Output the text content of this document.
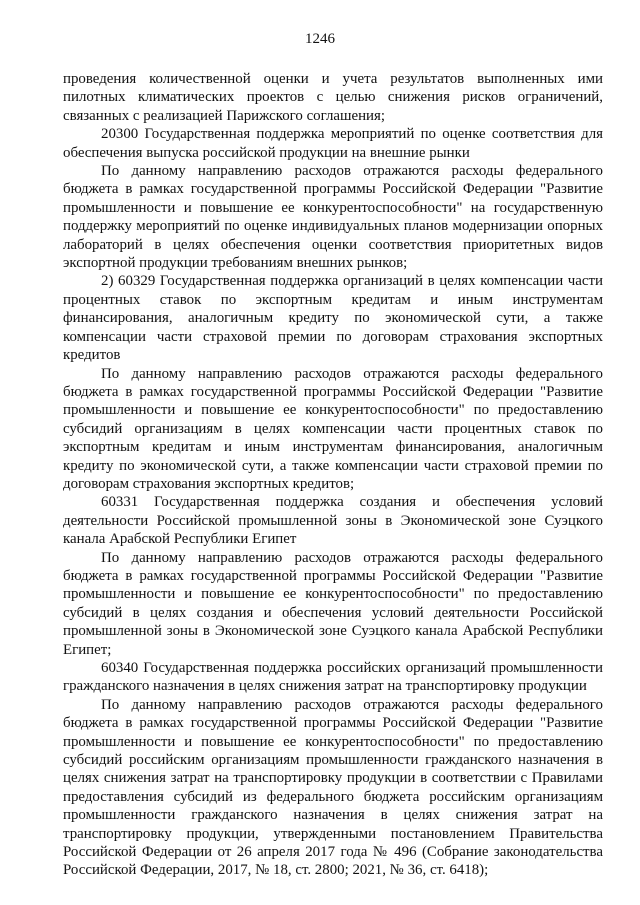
1246

проведения количественной оценки и учета результатов выполненных ими пилотных климатических проектов с целью снижения рисков ограничений, связанных с реализацией Парижского соглашения;

20300 Государственная поддержка мероприятий по оценке соответствия для обеспечения выпуска российской продукции на внешние рынки

По данному направлению расходов отражаются расходы федерального бюджета в рамках государственной программы Российской Федерации "Развитие промышленности и повышение ее конкурентоспособности" на государственную поддержку мероприятий по оценке индивидуальных планов модернизации опорных лабораторий в целях обеспечения оценки соответствия приоритетных видов экспортной продукции требованиям внешних рынков;

2) 60329 Государственная поддержка организаций в целях компенсации части процентных ставок по экспортным кредитам и иным инструментам финансирования, аналогичным кредиту по экономической сути, а также компенсации части страховой премии по договорам страхования экспортных кредитов

По данному направлению расходов отражаются расходы федерального бюджета в рамках государственной программы Российской Федерации "Развитие промышленности и повышение ее конкурентоспособности" по предоставлению субсидий организациям в целях компенсации части процентных ставок по экспортным кредитам и иным инструментам финансирования, аналогичным кредиту по экономической сути, а также компенсации части страховой премии по договорам страхования экспортных кредитов;

60331 Государственная поддержка создания и обеспечения условий деятельности Российской промышленной зоны в Экономической зоне Суэцкого канала Арабской Республики Египет

По данному направлению расходов отражаются расходы федерального бюджета в рамках государственной программы Российской Федерации "Развитие промышленности и повышение ее конкурентоспособности" по предоставлению субсидий в целях создания и обеспечения условий деятельности Российской промышленной зоны в Экономической зоне Суэцкого канала Арабской Республики Египет;

60340 Государственная поддержка российских организаций промышленности гражданского назначения в целях снижения затрат на транспортировку продукции

По данному направлению расходов отражаются расходы федерального бюджета в рамках государственной программы Российской Федерации "Развитие промышленности и повышение ее конкурентоспособности" по предоставлению субсидий российским организациям промышленности гражданского назначения в целях снижения затрат на транспортировку продукции в соответствии с Правилами предоставления субсидий из федерального бюджета российским организациям промышленности гражданского назначения в целях снижения затрат на транспортировку продукции, утвержденными постановлением Правительства Российской Федерации от 26 апреля 2017 года № 496 (Собрание законодательства Российской Федерации, 2017, № 18, ст. 2800; 2021, № 36, ст. 6418);
